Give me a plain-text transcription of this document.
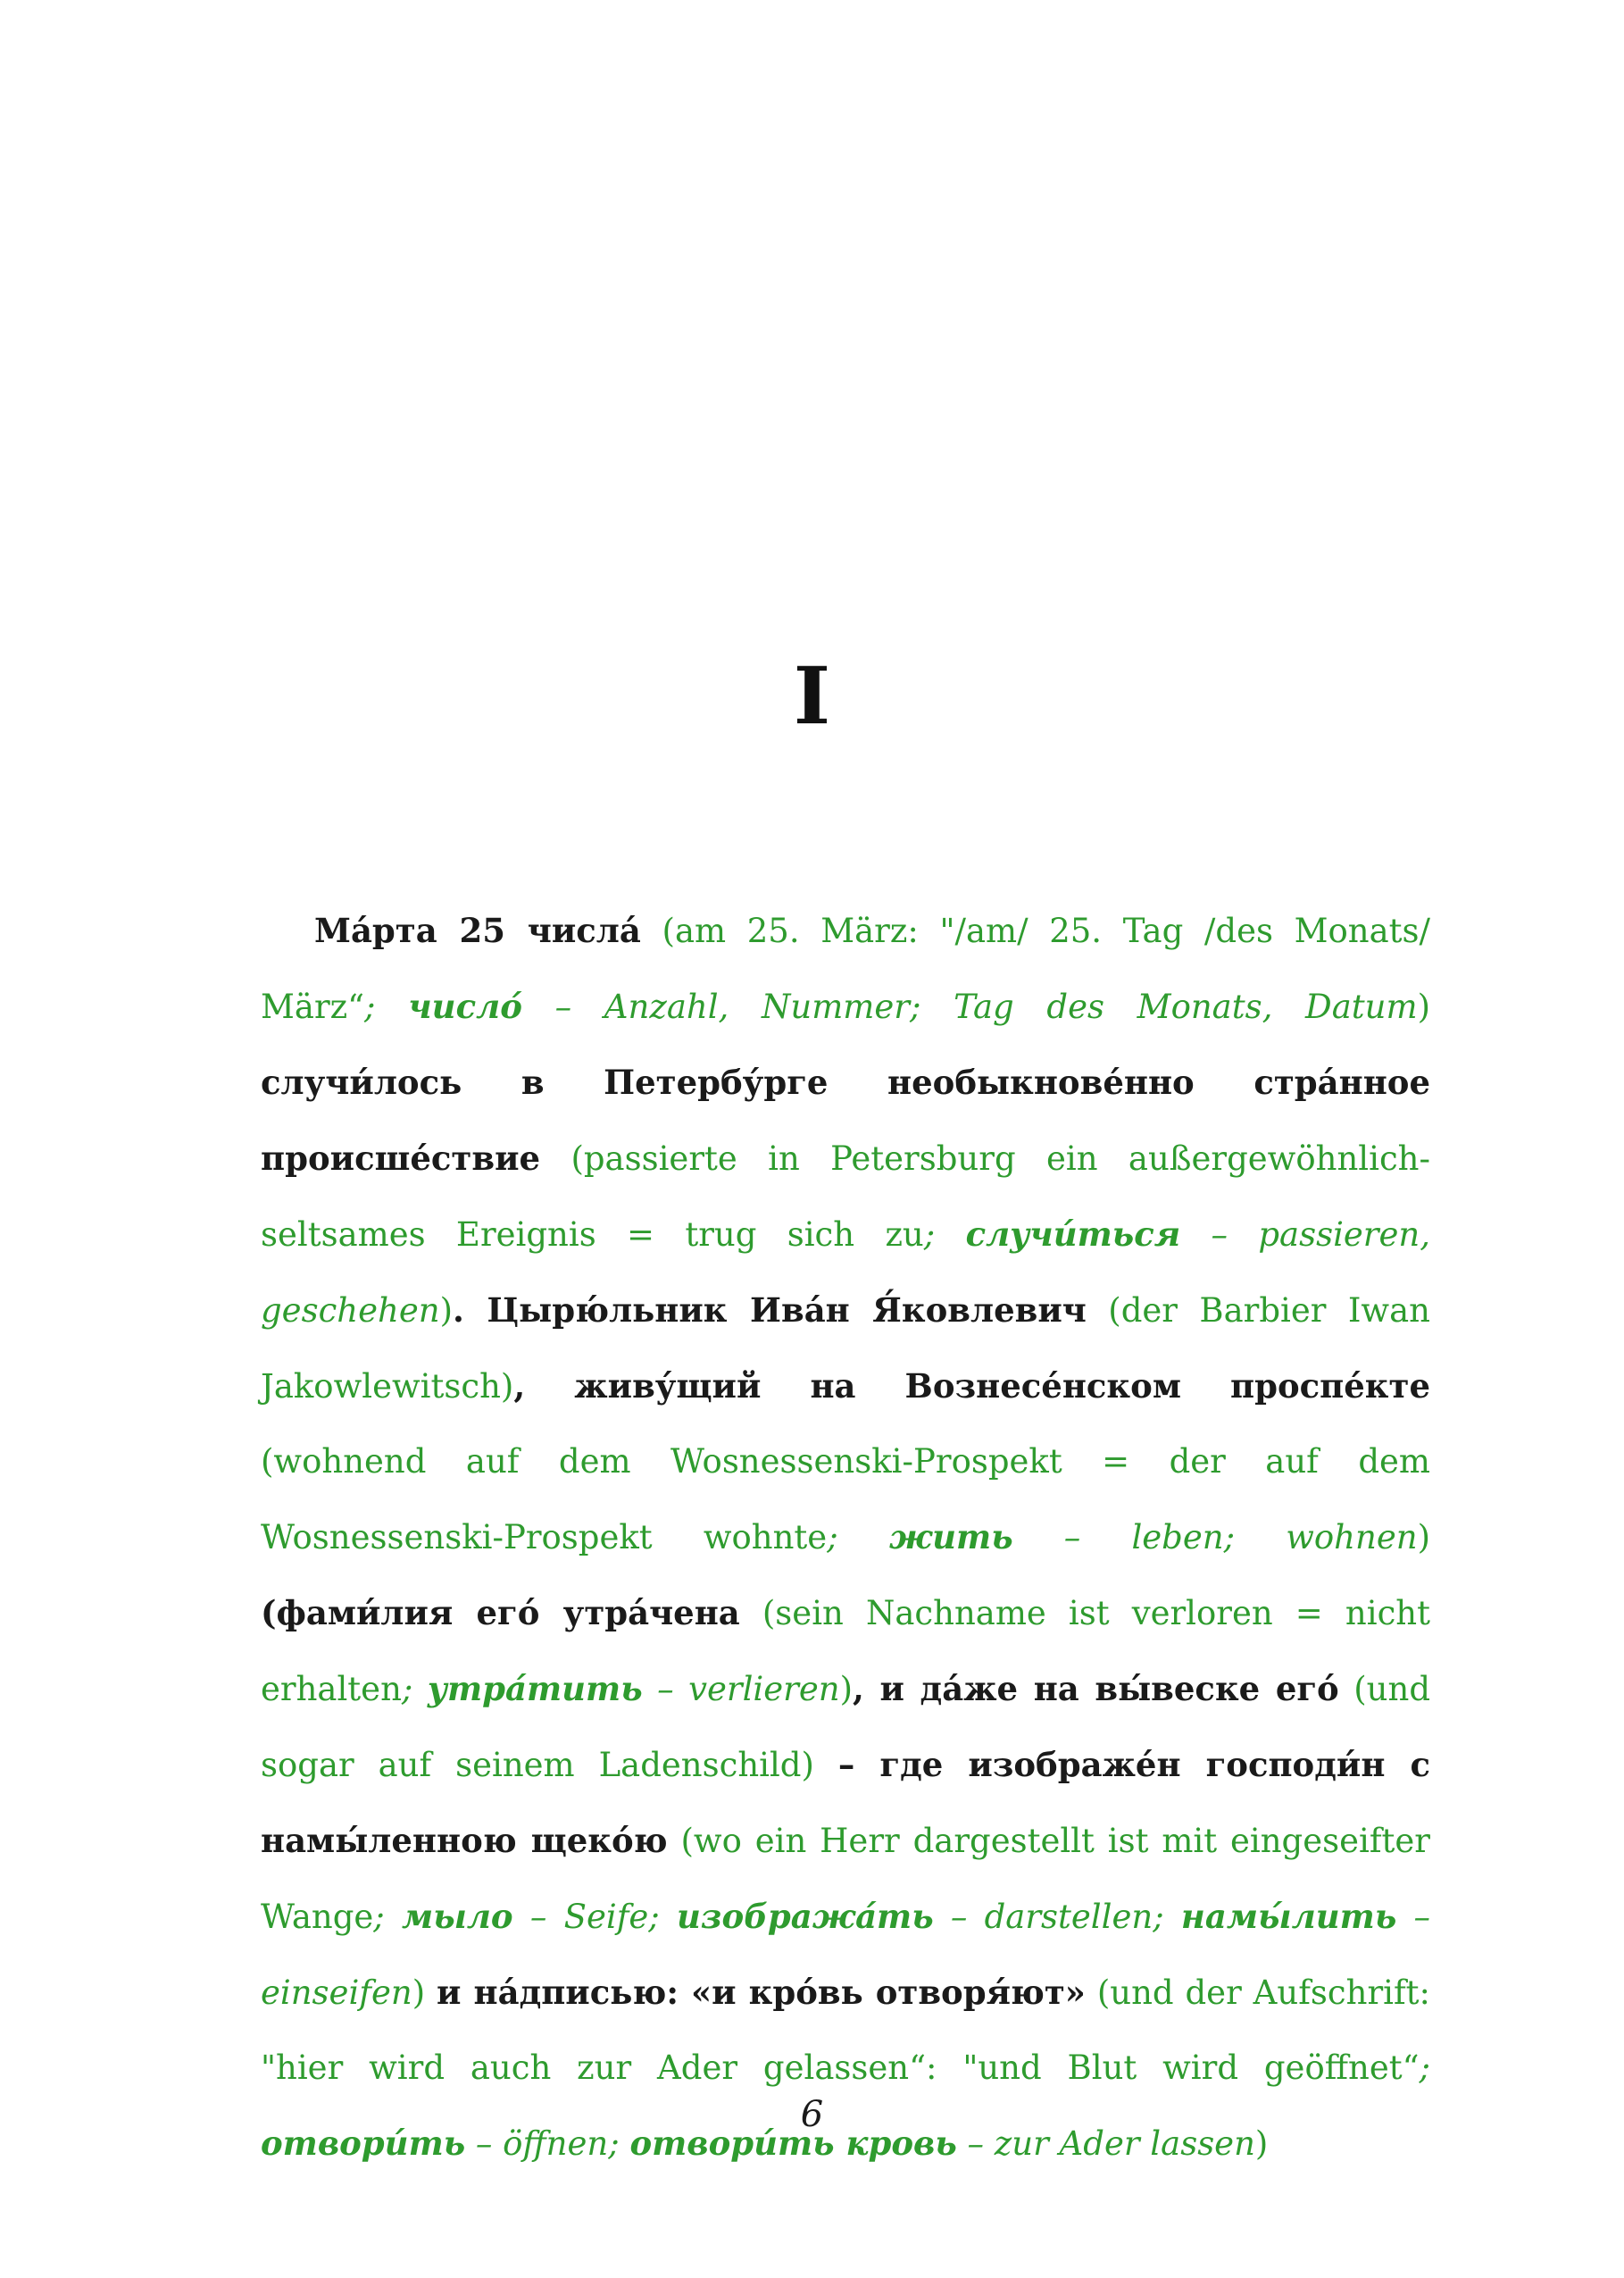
I

Ма́рта 25 числа́ (am 25. März: "/am/ 25. Tag /des Monats/ März“; число́ – Anzahl, Nummer; Tag des Monats, Datum) случи́лось в Петербу́рге необыкнове́нно стра́нное происше́ствие (passierte in Petersburg ein außergewöhnlich-seltsames Ereignis = trug sich zu; случи́ться – passieren, geschehen). Цырю́льник Ива́н Я́ковлевич (der Barbier Iwan Jakowlewitsch), живу́щий на Вознесе́нском проспе́кте (wohnend auf dem Wosnessenski-Prospekt = der auf dem Wosnessenski-Prospekt wohnte; жить – leben; wohnen) (фами́лия его́ утра́чена (sein Nachname ist verloren = nicht erhalten; утра́тить – verlieren), и да́же на вы́веске его́ (und sogar auf seinem Ladenschild) – где изображе́н господи́н с намы́ленною щеко́ю (wo ein Herr dargestellt ist mit eingeseifter Wange; мыло – Seife; изобража́ть – darstellen; намы́лить – einseifen) и на́дписью: «и кро́вь отворя́ют» (und der Aufschrift: "hier wird auch zur Ader gelassen“: "und Blut wird geöffnet“; отвори́ть – öffnen; отвори́ть кровь – zur Ader lassen)

6
